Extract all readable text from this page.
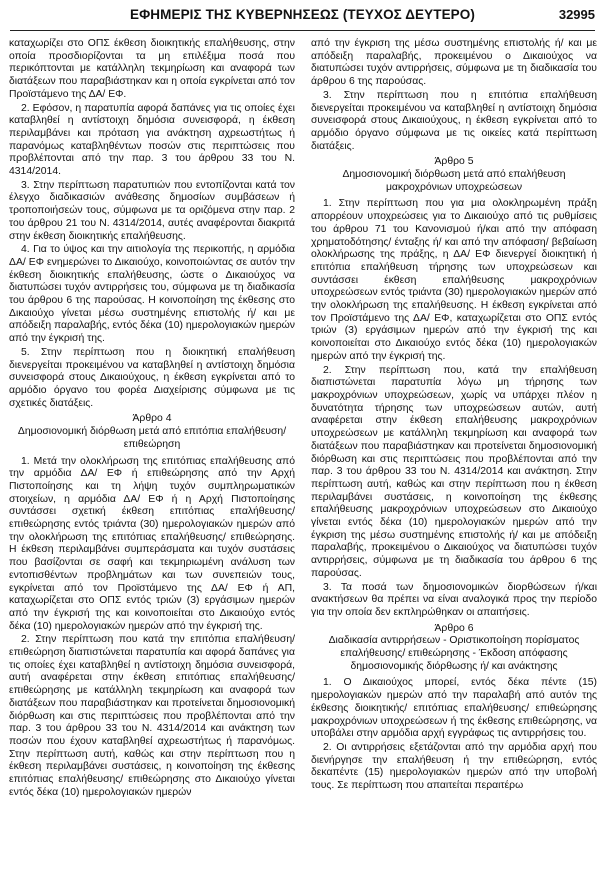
ΕΦΗΜΕΡΙΣ ΤΗΣ ΚΥΒΕΡΝΗΣΕΩΣ (ΤΕΥΧΟΣ ΔΕΥΤΕΡΟ)	32995

καταχωρίζει στο ΟΠΣ έκθεση διοικητικής επαλήθευσης, στην οποία προσδιορίζονται τα μη επιλέξιμα ποσά που περικόπτονται με κατάλληλη τεκμηρίωση και αναφορά των διατάξεων που παραβιάστηκαν και η οποία εγκρίνεται από τον Προϊστάμενο της ΔΑ/ ΕΦ.

2. Εφόσον, η παρατυπία αφορά δαπάνες για τις οποίες έχει καταβληθεί η αντίστοιχη δημόσια συνεισφορά, η έκθεση περιλαμβάνει και πρόταση για ανάκτηση αχρεωστήτως ή παρανόμως καταβληθέντων ποσών στις περιπτώσεις που προβλέπονται από την παρ. 3 του άρθρου 33 του Ν. 4314/2014.

3. Στην περίπτωση παρατυπιών που εντοπίζονται κατά τον έλεγχο διαδικασιών ανάθεσης δημοσίων συμβάσεων ή τροποποιήσεών τους, σύμφωνα με τα οριζόμενα στην παρ. 2 του άρθρου 21 του Ν. 4314/2014, αυτές αναφέρονται διακριτά στην έκθεση διοικητικής επαλήθευσης.

4. Για το ύψος και την αιτιολογία της περικοπής, η αρμόδια ΔΑ/ ΕΦ ενημερώνει το Δικαιούχο, κοινοποιώντας σε αυτόν την έκθεση διοικητικής επαλήθευσης, ώστε ο Δικαιούχος να διατυπώσει τυχόν αντιρρήσεις του, σύμφωνα με τη διαδικασία του άρθρου 6 της παρούσας. Η κοινοποίηση της έκθεσης στο Δικαιούχο γίνεται μέσω συστημένης επιστολής ή/ και με απόδειξη παραλαβής, εντός δέκα (10) ημερολογιακών ημερών από την έγκρισή της.

5. Στην περίπτωση που η διοικητική επαλήθευση διενεργείται προκειμένου να καταβληθεί η αντίστοιχη δημόσια συνεισφορά στους Δικαιούχους, η έκθεση εγκρίνεται από το αρμόδιο όργανο του φορέα Διαχείρισης σύμφωνα με τις σχετικές διατάξεις.

Άρθρο 4
Δημοσιονομική διόρθωση μετά από επιτόπια επαλήθευση/ επιθεώρηση

1. Μετά την ολοκλήρωση της επιτόπιας επαλήθευσης από την αρμόδια ΔΑ/ ΕΦ ή επιθεώρησης από την Αρχή Πιστοποίησης και τη λήψη τυχόν συμπληρωματικών στοιχείων, η αρμόδια ΔΑ/ ΕΦ ή η Αρχή Πιστοποίησης συντάσσει σχετική έκθεση επιτόπιας επαλήθευσης/ επιθεώρησης εντός τριάντα (30) ημερολογιακών ημερών από την ολοκλήρωση της επιτόπιας επαλήθευσης/ επιθεώρησης. Η έκθεση περιλαμβάνει συμπεράσματα και τυχόν συστάσεις που βασίζονται σε σαφή και τεκμηριωμένη ανάλυση των εντοπισθέντων προβλημάτων και των συνεπειών τους, εγκρίνεται από τον Προϊστάμενο της ΔΑ/ ΕΦ ή ΑΠ, καταχωρίζεται στο ΟΠΣ εντός τριών (3) εργάσιμων ημερών από την έγκρισή της και κοινοποιείται στο Δικαιούχο εντός δέκα (10) ημερολογιακών ημερών από την έγκρισή της.

2. Στην περίπτωση που κατά την επιτόπια επαλήθευση/ επιθεώρηση διαπιστώνεται παρατυπία και αφορά δαπάνες για τις οποίες έχει καταβληθεί η αντίστοιχη δημόσια συνεισφορά, αυτή αναφέρεται στην έκθεση επιτόπιας επαλήθευσης/ επιθεώρησης με κατάλληλη τεκμηρίωση και αναφορά των διατάξεων που παραβιάστηκαν και προτείνεται δημοσιονομική διόρθωση και στις περιπτώσεις που προβλέπονται από την παρ. 3 του άρθρου 33 του Ν. 4314/2014 και ανάκτηση των ποσών που έχουν καταβληθεί αχρεωστήτως ή παρανόμως. Στην περίπτωση αυτή, καθώς και στην περίπτωση που η έκθεση περιλαμβάνει συστάσεις, η κοινοποίηση της έκθεσης επιτόπιας επαλήθευσης/ επιθεώρησης στο Δικαιούχο γίνεται εντός δέκα (10) ημερολογιακών ημερών

από την έγκριση της μέσω συστημένης επιστολής ή/ και με απόδειξη παραλαβής, προκειμένου ο Δικαιούχος να διατυπώσει τυχόν αντιρρήσεις, σύμφωνα με τη διαδικασία του άρθρου 6 της παρούσας.

3. Στην περίπτωση που η επιτόπια επαλήθευση διενεργείται προκειμένου να καταβληθεί η αντίστοιχη δημόσια συνεισφορά στους Δικαιούχους, η έκθεση εγκρίνεται από το αρμόδιο όργανο σύμφωνα με τις οικείες κατά περίπτωση διατάξεις.

Άρθρο 5
Δημοσιονομική διόρθωση μετά από επαλήθευση μακροχρόνιων υποχρεώσεων

1. Στην περίπτωση που για μια ολοκληρωμένη πράξη απορρέουν υποχρεώσεις για το Δικαιούχο από τις ρυθμίσεις του άρθρου 71 του Κανονισμού ή/και από την απόφαση χρηματοδότησης/ ένταξης ή/ και από την απόφαση/ βεβαίωση ολοκλήρωσης της πράξης, η ΔΑ/ ΕΦ διενεργεί διοικητική ή επιτόπια επαλήθευση τήρησης των υποχρεώσεων και συντάσσει έκθεση επαλήθευσης μακροχρόνιων υποχρεώσεων εντός τριάντα (30) ημερολογιακών ημερών από την ολοκλήρωση της επαλήθευσης. Η έκθεση εγκρίνεται από τον Προϊστάμενο της ΔΑ/ ΕΦ, καταχωρίζεται στο ΟΠΣ εντός τριών (3) εργάσιμων ημερών από την έγκρισή της και κοινοποιείται στο Δικαιούχο εντός δέκα (10) ημερολογιακών ημερών από την έγκρισή της.

2. Στην περίπτωση που, κατά την επαλήθευση διαπιστώνεται παρατυπία λόγω μη τήρησης των μακροχρόνιων υποχρεώσεων, χωρίς να υπάρχει πλέον η δυνατότητα τήρησης των υποχρεώσεων αυτών, αυτή αναφέρεται στην έκθεση επαλήθευσης μακροχρόνιων υποχρεώσεων με κατάλληλη τεκμηρίωση και αναφορά των διατάξεων που παραβιάστηκαν και προτείνεται δημοσιονομική διόρθωση και στις περιπτώσεις που προβλέπονται από την παρ. 3 του άρθρου 33 του Ν. 4314/2014 και ανάκτηση. Στην περίπτωση αυτή, καθώς και στην περίπτωση που η έκθεση περιλαμβάνει συστάσεις, η κοινοποίηση της έκθεσης επαλήθευσης μακροχρόνιων υποχρεώσεων στο Δικαιούχο γίνεται εντός δέκα (10) ημερολογιακών ημερών από την έγκριση της μέσω συστημένης επιστολής ή/ και με απόδειξη παραλαβής, προκειμένου ο Δικαιούχος να διατυπώσει τυχόν αντιρρήσεις, σύμφωνα με τη διαδικασία του άρθρου 6 της παρούσας.

3. Τα ποσά των δημοσιονομικών διορθώσεων ή/και ανακτήσεων θα πρέπει να είναι αναλογικά προς την περίοδο για την οποία δεν εκπληρώθηκαν οι απαιτήσεις.

Άρθρο 6
Διαδικασία αντιρρήσεων - Οριστικοποίηση πορίσματος επαλήθευσης/ επιθεώρησης - Έκδοση απόφασης δημοσιονομικής διόρθωσης ή/ και ανάκτησης

1. Ο Δικαιούχος μπορεί, εντός δέκα πέντε (15) ημερολογιακών ημερών από την παραλαβή από αυτόν της έκθεσης διοικητικής/ επιτόπιας επαλήθευσης/ επιθεώρησης μακροχρόνιων υποχρεώσεων ή της έκθεσης επιθεώρησης, να υποβάλει στην αρμόδια αρχή εγγράφως τις αντιρρήσεις του.

2. Οι αντιρρήσεις εξετάζονται από την αρμόδια αρχή που διενήργησε την επαλήθευση ή την επιθεώρηση, εντός δεκαπέντε (15) ημερολογιακών ημερών από την υποβολή τους. Σε περίπτωση που απαιτείται περαιτέρω
